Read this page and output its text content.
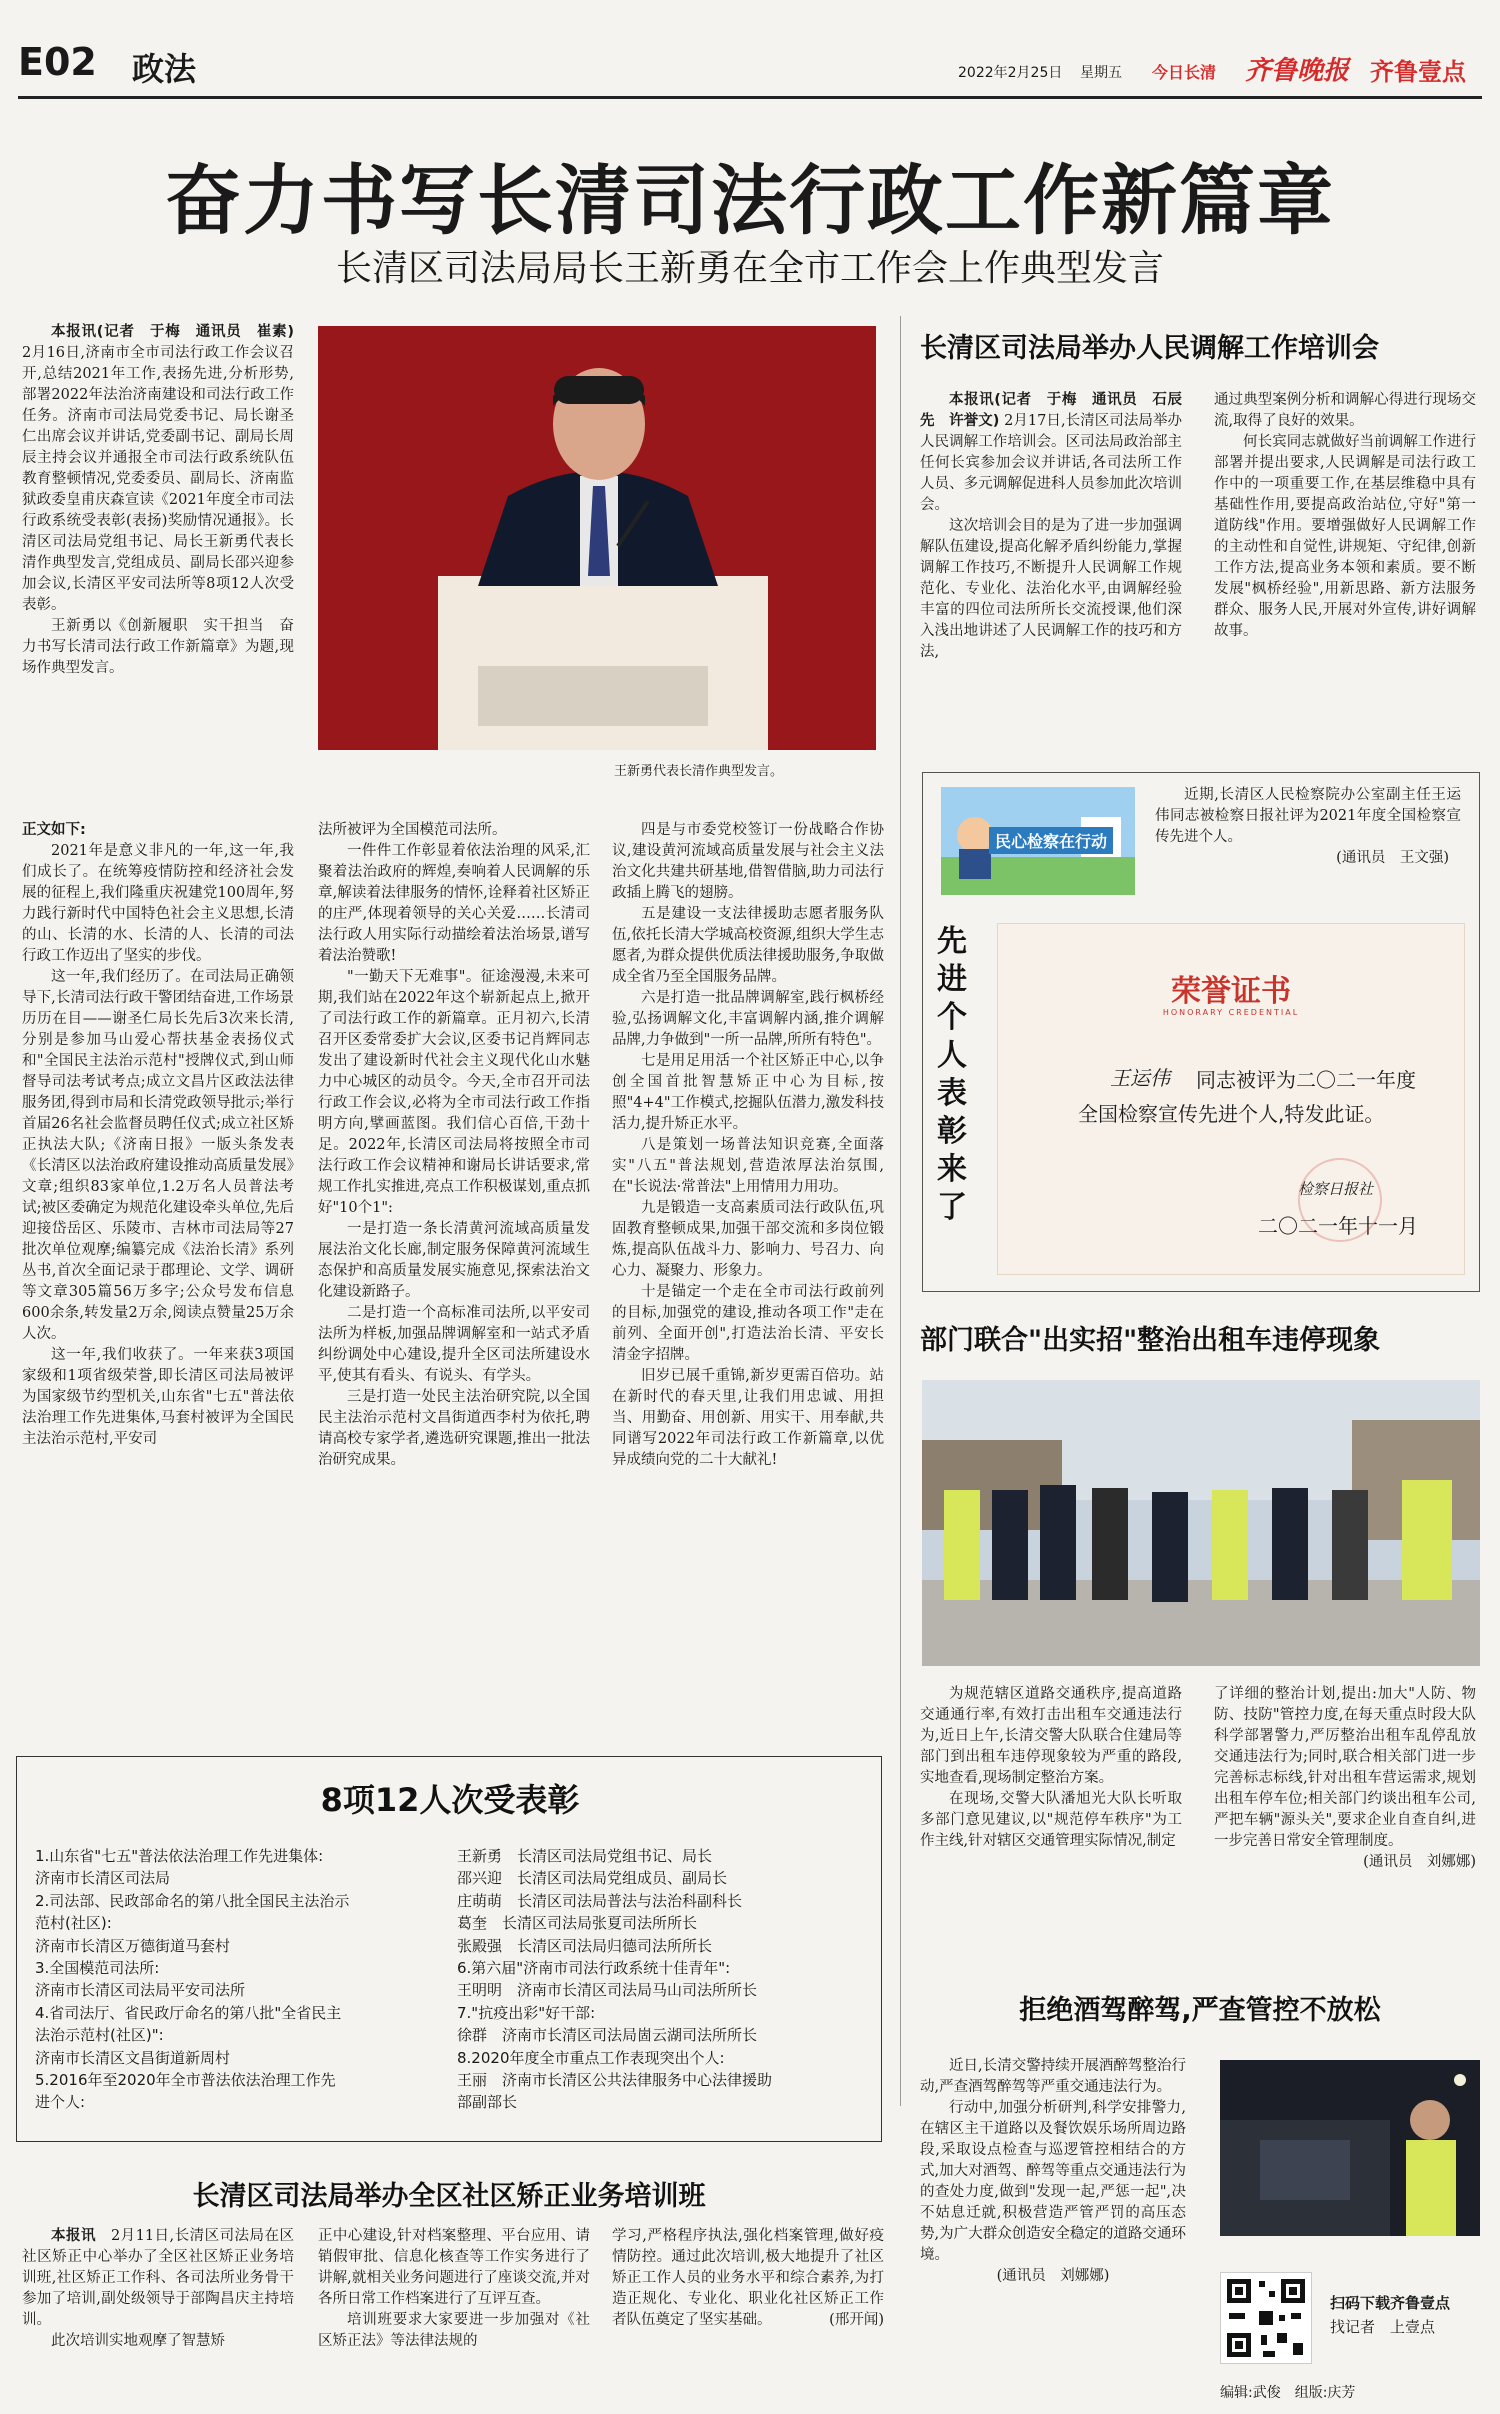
E02 政法	2022年2月25日 星期五 今日长清 齐鲁晚报 齐鲁壹点
奋力书写长清司法行政工作新篇章
长清区司法局局长王新勇在全市工作会上作典型发言

本报讯(记者　于梅　通讯员　崔素) 2月16日,济南市全市司法行政工作会议召开,总结2021年工作,表扬先进,分析形势,部署2022年法治济南建设和司法行政工作任务。济南市司法局党委书记、局长谢圣仁出席会议并讲话,党委副书记、副局长周辰主持会议并通报全市司法行政系统队伍教育整顿情况,党委委员、副局长、济南监狱政委皇甫庆森宣读《2021年度全市司法行政系统受表彰(表扬)奖励情况通报》。长清区司法局党组书记、局长王新勇代表长清作典型发言,党组成员、副局长邵兴迎参加会议,长清区平安司法所等8项12人次受表彰。

王新勇以《创新履职　实干担当　奋力书写长清司法行政工作新篇章》为题,现场作典型发言。

王新勇代表长清作典型发言。

正文如下:

2021年是意义非凡的一年,这一年,我们成长了。在统筹疫情防控和经济社会发展的征程上,我们隆重庆祝建党100周年,努力践行新时代中国特色社会主义思想,长清的山、长清的水、长清的人、长清的司法行政工作迈出了坚实的步伐。

这一年,我们经历了。在司法局正确领导下,长清司法行政干警团结奋进,工作场景历历在目——谢圣仁局长先后3次来长清,分别是参加马山爱心帮扶基金表扬仪式和"全国民主法治示范村"授牌仪式,到山师督导司法考试考点;成立文昌片区政法法律服务团,得到市局和长清党政领导批示;举行首届26名社会监督员聘任仪式;成立社区矫正执法大队;《济南日报》一版头条发表《长清区以法治政府建设推动高质量发展》文章;组织83家单位,1.2万名人员普法考试;被区委确定为规范化建设牵头单位,先后迎接岱岳区、乐陵市、吉林市司法局等27批次单位观摩;编纂完成《法治长清》系列丛书,首次全面记录于郡理论、文学、调研等文章305篇56万多字;公众号发布信息600余条,转发量2万余,阅读点赞量25万余人次。

这一年,我们收获了。一年来获3项国家级和1项省级荣誉,即长清区司法局被评为国家级节约型机关,山东省"七五"普法依法治理工作先进集体,马套村被评为全国民主法治示范村,平安司

法所被评为全国模范司法所。

一件件工作彰显着依法治理的风采,汇聚着法治政府的辉煌,奏响着人民调解的乐章,解读着法律服务的情怀,诠释着社区矫正的庄严,体现着领导的关心关爱……长清司法行政人用实际行动描绘着法治场景,谱写着法治赞歌!

"一勤天下无难事"。征途漫漫,未来可期,我们站在2022年这个崭新起点上,掀开了司法行政工作的新篇章。正月初六,长清召开区委常委扩大会议,区委书记肖辉同志发出了建设新时代社会主义现代化山水魅力中心城区的动员令。今天,全市召开司法行政工作会议,必将为全市司法行政工作指明方向,擘画蓝图。我们信心百倍,干劲十足。2022年,长清区司法局将按照全市司法行政工作会议精神和谢局长讲话要求,常规工作扎实推进,亮点工作积极谋划,重点抓好"10个1":

一是打造一条长清黄河流域高质量发展法治文化长廊,制定服务保障黄河流域生态保护和高质量发展实施意见,探索法治文化建设新路子。

二是打造一个高标准司法所,以平安司法所为样板,加强品牌调解室和一站式矛盾纠纷调处中心建设,提升全区司法所建设水平,使其有看头、有说头、有学头。

三是打造一处民主法治研究院,以全国民主法治示范村文昌街道西李村为依托,聘请高校专家学者,遴选研究课题,推出一批法治研究成果。

四是与市委党校签订一份战略合作协议,建设黄河流域高质量发展与社会主义法治文化共建共研基地,借智借脑,助力司法行政插上腾飞的翅膀。

五是建设一支法律援助志愿者服务队伍,依托长清大学城高校资源,组织大学生志愿者,为群众提供优质法律援助服务,争取做成全省乃至全国服务品牌。

六是打造一批品牌调解室,践行枫桥经验,弘扬调解文化,丰富调解内涵,推介调解品牌,力争做到"一所一品牌,所所有特色"。

七是用足用活一个社区矫正中心,以争创全国首批智慧矫正中心为目标,按照"4+4"工作模式,挖掘队伍潜力,激发科技活力,提升矫正水平。

八是策划一场普法知识竞赛,全面落实"八五"普法规划,营造浓厚法治氛围,在"长说法·常普法"上用情用力用功。

九是锻造一支高素质司法行政队伍,巩固教育整顿成果,加强干部交流和多岗位锻炼,提高队伍战斗力、影响力、号召力、向心力、凝聚力、形象力。

十是锚定一个走在全市司法行政前列的目标,加强党的建设,推动各项工作"走在前列、全面开创",打造法治长清、平安长清金字招牌。

旧岁已展千重锦,新岁更需百倍功。站在新时代的春天里,让我们用忠诚、用担当、用勤奋、用创新、用实干、用奉献,共同谱写2022年司法行政工作新篇章,以优异成绩向党的二十大献礼!

8项12人次受表彰
1.山东省"七五"普法依法治理工作先进集体:
济南市长清区司法局
2.司法部、民政部命名的第八批全国民主法治示
范村(社区):
济南市长清区万德街道马套村
3.全国模范司法所:
济南市长清区司法局平安司法所
4.省司法厅、省民政厅命名的第八批"全省民主
法治示范村(社区)":
济南市长清区文昌街道新周村
5.2016年至2020年全市普法依法治理工作先
进个人:
王新勇　长清区司法局党组书记、局长
邵兴迎　长清区司法局党组成员、副局长
庄萌萌　长清区司法局普法与法治科副科长
葛奎　长清区司法局张夏司法所所长
张殿强　长清区司法局归德司法所所长
6.第六届"济南市司法行政系统十佳青年":
王明明　济南市长清区司法局马山司法所所长
7."抗疫出彩"好干部:
徐群　济南市长清区司法局崮云湖司法所所长
8.2020年度全市重点工作表现突出个人:
王丽　济南市长清区公共法律服务中心法律援助
部副部长
长清区司法局举办全区社区矫正业务培训班

本报讯　 2月11日,长清区司法局在区社区矫正中心举办了全区社区矫正业务培训班,社区矫正工作科、各司法所业务骨干参加了培训,副处级领导于部陶昌庆主持培训。

此次培训实地观摩了智慧矫

正中心建设,针对档案整理、平台应用、请销假审批、信息化核查等工作实务进行了讲解,就相关业务问题进行了座谈交流,并对各所日常工作档案进行了互评互查。

培训班要求大家要进一步加强对《社区矫正法》等法律法规的

学习,严格程序执法,强化档案管理,做好疫情防控。通过此次培训,极大地提升了社区矫正工作人员的业务水平和综合素养,为打造正规化、专业化、职业化社区矫正工作者队伍奠定了坚实基础。	(邢开闻)

长清区司法局举办人民调解工作培训会

本报讯(记者　于梅　通讯员　石辰先　许誉文) 2月17日,长清区司法局举办人民调解工作培训会。区司法局政治部主任何长宾参加会议并讲话,各司法所工作人员、多元调解促进科人员参加此次培训会。

这次培训会目的是为了进一步加强调解队伍建设,提高化解矛盾纠纷能力,掌握调解工作技巧,不断提升人民调解工作规范化、专业化、法治化水平,由调解经验丰富的四位司法所所长交流授课,他们深入浅出地讲述了人民调解工作的技巧和方法,

通过典型案例分析和调解心得进行现场交流,取得了良好的效果。

何长宾同志就做好当前调解工作进行部署并提出要求,人民调解是司法行政工作中的一项重要工作,在基层维稳中具有基础性作用,要提高政治站位,守好"第一道防线"作用。要增强做好人民调解工作的主动性和自觉性,讲规矩、守纪律,创新工作方法,提高业务本领和素质。要不断发展"枫桥经验",用新思路、新方法服务群众、服务人民,开展对外宣传,讲好调解故事。

民心检察在行动

近期,长清区人民检察院办公室副主任王运伟同志被检察日报社评为2021年度全国检察宣传先进个人。

(通讯员　王文强)

先进个人表彰来了
荣誉证书
HONORARY CREDENTIAL
王运伟 同志被评为二〇二一年度
全国检察宣传先进个人,特发此证。
检察日报社
二〇二一年十一月
部门联合"出实招"整治出租车违停现象

为规范辖区道路交通秩序,提高道路交通通行率,有效打击出租车交通违法行为,近日上午,长清交警大队联合住建局等部门到出租车违停现象较为严重的路段,实地查看,现场制定整治方案。

在现场,交警大队潘旭光大队长听取多部门意见建议,以"规范停车秩序"为工作主线,针对辖区交通管理实际情况,制定

了详细的整治计划,提出:加大"人防、物防、技防"管控力度,在每天重点时段大队科学部署警力,严厉整治出租车乱停乱放交通违法行为;同时,联合相关部门进一步完善标志标线,针对出租车营运需求,规划出租车停车位;相关部门约谈出租车公司,严把车辆"源头关",要求企业自查自纠,进一步完善日常安全管理制度。

(通讯员　刘娜娜)

拒绝酒驾醉驾,严查管控不放松

近日,长清交警持续开展酒醉驾整治行动,严查酒驾醉驾等严重交通违法行为。

行动中,加强分析研判,科学安排警力,在辖区主干道路以及餐饮娱乐场所周边路段,采取设点检查与巡逻管控相结合的方式,加大对酒驾、醉驾等重点交通违法行为的查处力度,做到"发现一起,严惩一起",决不姑息迁就,积极营造严管严罚的高压态势,为广大群众创造安全稳定的道路交通环境。

(通讯员　刘娜娜)

扫码下载齐鲁壹点
找记者　上壹点
编辑:武俊　组版:庆芳
